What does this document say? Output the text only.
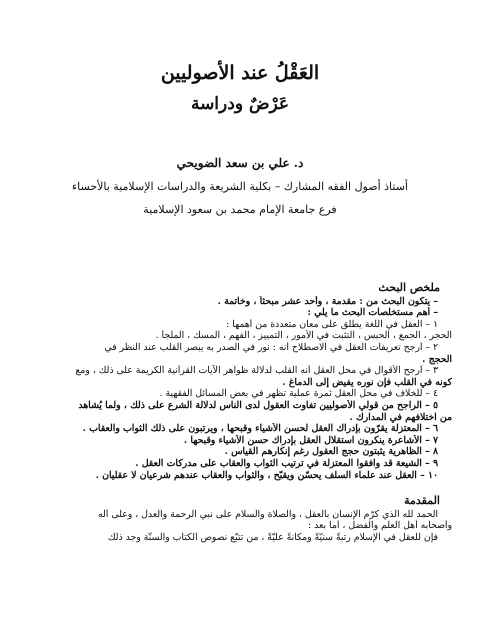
العَقْلُ عند الأصوليين
عَرْضٌ ودراسة
د. علي بن سعد الضويحي
أستاذ أصول الفقه المشارك – بكلية الشريعة والدراسات الإسلامية بالأحساء
فرع جامعة الإمام محمد بن سعود الإسلامية
ملخص البحث
– يتكون البحث من : مقدمة ، وأحد عشر مبحثاً ، وخاتمة .
– أهم مستخلصات البحث ما يلي :
١ – العقل في اللغة يطلق على معان متعددة من أهمها :
الحجر ، الجمع ، الحبس ، التثبت في الأمور ، التمييز ، الفهم ، المسك ، الملجأ .
٢ – أرجح تعريفات العقل في الاصطلاح أنه : نور في الصدر به يبصر القلب عند النظر في
الحجج .
٣ – أرجح الأقوال في محل العقل أنه القلب لدلالة ظواهر الآيات القرآنية الكريمة على ذلك ، ومع
كونه في القلب فإن نوره يفيض إلى الدماغ .
٤ – للخلاف في محل العقل ثمرة عملية تظهر في بعض المسائل الفقهية .
٥ – الراجح من قولي الأصوليين تفاوت العقول لدى الناس لدلالة الشرع على ذلك ، ولما يُشاهد
من اختلافهم في المدارك .
٦ – المعتزلة يقرّون بإدراك العقل لحسن الأشياء وقبحها ، ويرتبون على ذلك الثواب والعقاب .
٧ – الأشاعرة ينكرون استقلال العقل بإدراك حسن الأشياء وقبحها .
٨ – الظاهرية يثبتون حجج العقول رغم إنكارهم القياس .
٩ – الشيعة قد وافقوا المعتزلة في ترتيب الثواب والعقاب على مدركات العقل .
١٠ – العقل عند علماء السلف يحسّن ويقبّح ، والثواب والعقاب عندهم شرعيان لا عقليان .
المقدمة
الحمد لله الذي كرّم الإنسان بالعقل ، والصلاة والسلام على نبي الرحمة والعدل ، وعلى آله
وأصحابه أهل العلم والفضل ، أما بعد :
فإن للعقل في الإسلام رتبةً سنيّةً ومكانةً عليّةً ، من تتبّع نصوص الكتاب والسنّة وجد ذلك
